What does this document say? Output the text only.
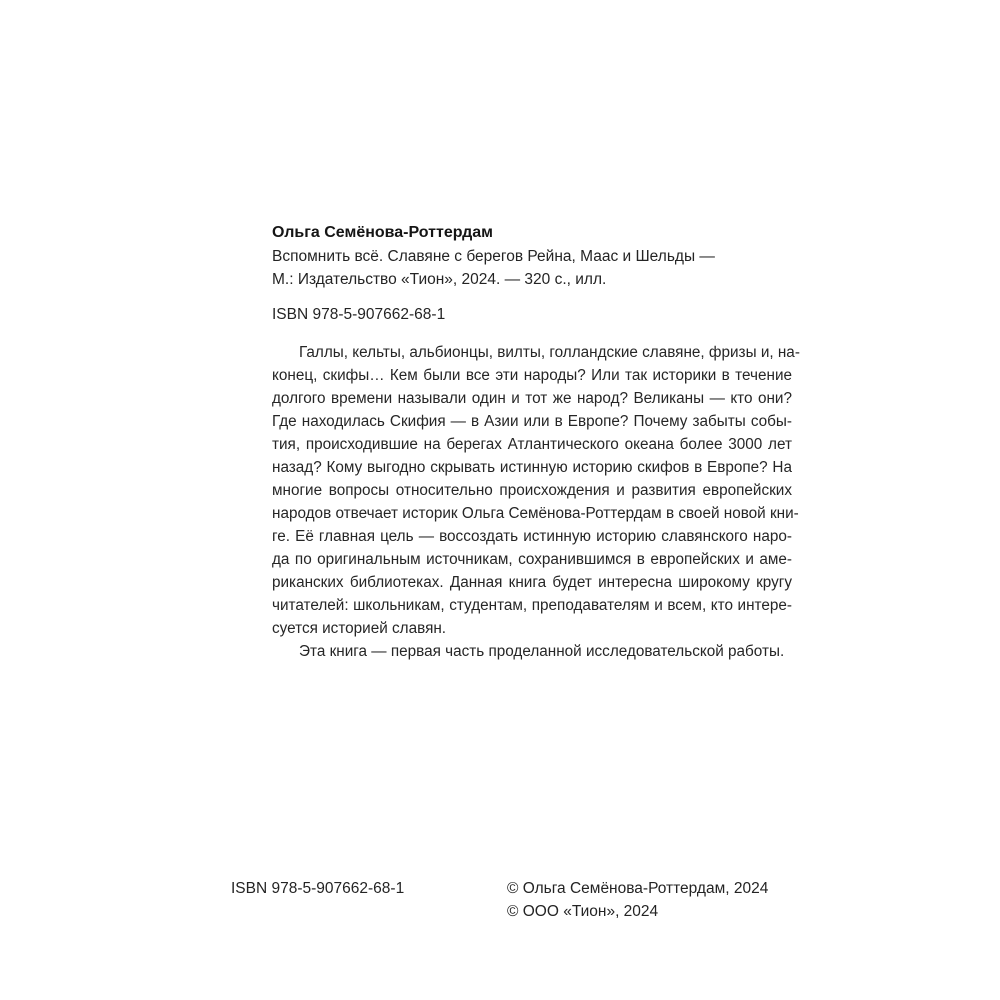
Ольга Семёнова-Роттердам
Вспомнить всё. Славяне с берегов Рейна, Маас и Шельды —
М.: Издательство «Тион», 2024. — 320 с., илл.
ISBN 978-5-907662-68-1
Галлы, кельты, альбионцы, вилты, голландские славяне, фризы и, на-
конец, скифы… Кем были все эти народы? Или так историки в течение
долгого времени называли один и тот же народ? Великаны — кто они?
Где находилась Скифия — в Азии или в Европе? Почему забыты собы-
тия, происходившие на берегах Атлантического океана более 3000 лет
назад? Кому выгодно скрывать истинную историю скифов в Европе? На
многие вопросы относительно происхождения и развития европейских
народов отвечает историк Ольга Семёнова-Роттердам в своей новой кни-
ге. Её главная цель — воссоздать истинную историю славянского наро-
да по оригинальным источникам, сохранившимся в европейских и аме-
риканских библиотеках. Данная книга будет интересна широкому кругу
читателей: школьникам, студентам, преподавателям и всем, кто интере-
суется историей славян.
Эта книга — первая часть проделанной исследовательской работы.
ISBN 978-5-907662-68-1	© Ольга Семёнова-Роттердам, 2024
© ООО «Тион», 2024
